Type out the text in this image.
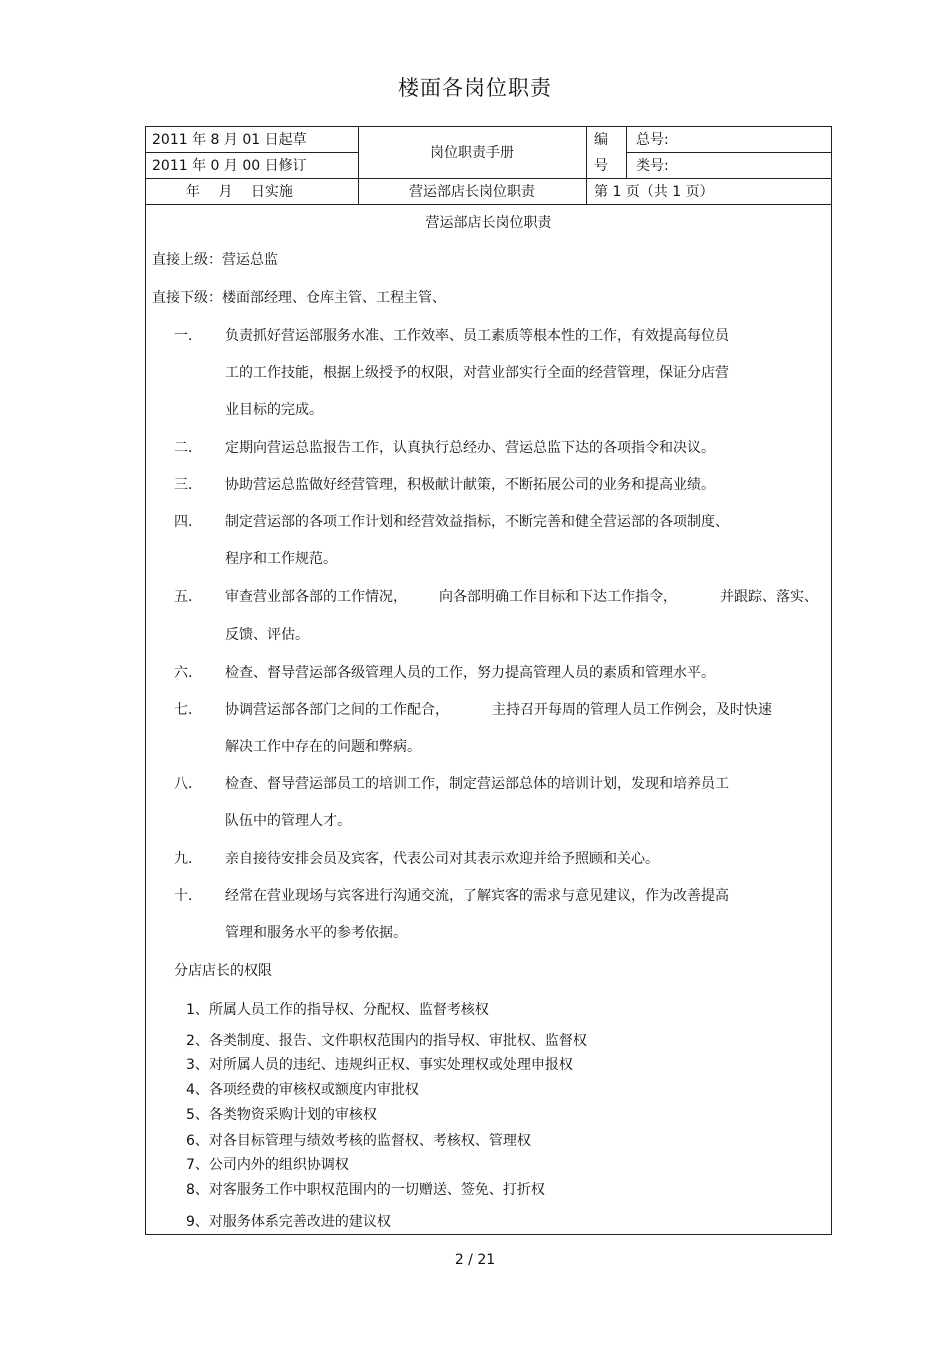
楼面各岗位职责
2011 年 8 月 01 日起草
2011 年 0 月 00 日修订
年　 月　 日实施
岗位职责手册
营运部店长岗位职责
编
号
总号:
类号:
第 1 页（共 1 页）
营运部店长岗位职责
直接上级：营运总监
直接下级：楼面部经理、仓库主管、工程主管、
一． 负责抓好营运部服务水准、工作效率、员工素质等根本性的工作，有效提高每位员
工的工作技能，根据上级授予的权限，对营业部实行全面的经营管理，保证分店营
业目标的完成。
二． 定期向营运总监报告工作，认真执行总经办、营运总监下达的各项指令和决议。
三． 协助营运总监做好经营管理，积极献计献策，不断拓展公司的业务和提高业绩。
四． 制定营运部的各项工作计划和经营效益指标，不断完善和健全营运部的各项制度、
程序和工作规范。
五． 审查营业部各部的工作情况， 向各部明确工作目标和下达工作指令，	并跟踪、落实、
反馈、评估。
六． 检查、督导营运部各级管理人员的工作，努力提高管理人员的素质和管理水平。
七． 协调营运部各部门之间的工作配合，	主持召开每周的管理人员工作例会，及时快速
解决工作中存在的问题和弊病。
八． 检查、督导营运部员工的培训工作，制定营运部总体的培训计划，发现和培养员工
队伍中的管理人才。
九． 亲自接待安排会员及宾客，代表公司对其表示欢迎并给予照顾和关心。
十． 经常在营业现场与宾客进行沟通交流，了解宾客的需求与意见建议，作为改善提高
管理和服务水平的参考依据。
分店店长的权限
1、所属人员工作的指导权、分配权、监督考核权
2、各类制度、报告、文件职权范围内的指导权、审批权、监督权
3、对所属人员的违纪、违规纠正权、事实处理权或处理申报权
4、各项经费的审核权或额度内审批权
5、各类物资采购计划的审核权
6、对各目标管理与绩效考核的监督权、考核权、管理权
7、公司内外的组织协调权
8、对客服务工作中职权范围内的一切赠送、签免、打折权
9、对服务体系完善改进的建议权
2 / 21
